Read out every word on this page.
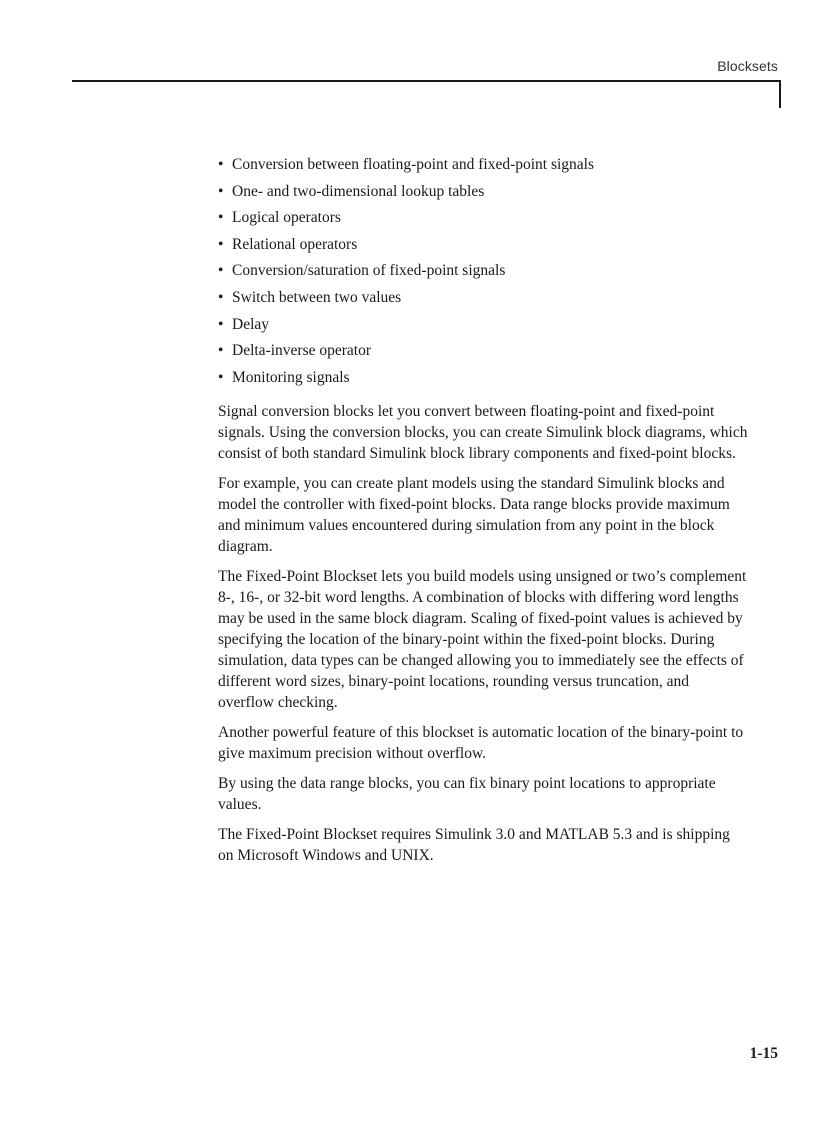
Blocksets
• Conversion between floating-point and fixed-point signals
• One- and two-dimensional lookup tables
• Logical operators
• Relational operators
• Conversion/saturation of fixed-point signals
• Switch between two values
• Delay
• Delta-inverse operator
• Monitoring signals

Signal conversion blocks let you convert between floating-point and fixed-point signals. Using the conversion blocks, you can create Simulink block diagrams, which consist of both standard Simulink block library components and fixed-point blocks.

For example, you can create plant models using the standard Simulink blocks and model the controller with fixed-point blocks. Data range blocks provide maximum and minimum values encountered during simulation from any point in the block diagram.

The Fixed-Point Blockset lets you build models using unsigned or two’s complement 8-, 16-, or 32-bit word lengths. A combination of blocks with differing word lengths may be used in the same block diagram. Scaling of fixed-point values is achieved by specifying the location of the binary-point within the fixed-point blocks. During simulation, data types can be changed allowing you to immediately see the effects of different word sizes, binary-point locations, rounding versus truncation, and overflow checking.

Another powerful feature of this blockset is automatic location of the binary-point to give maximum precision without overflow.

By using the data range blocks, you can fix binary point locations to appropriate values.

The Fixed-Point Blockset requires Simulink 3.0 and MATLAB 5.3 and is shipping on Microsoft Windows and UNIX.

1-15
